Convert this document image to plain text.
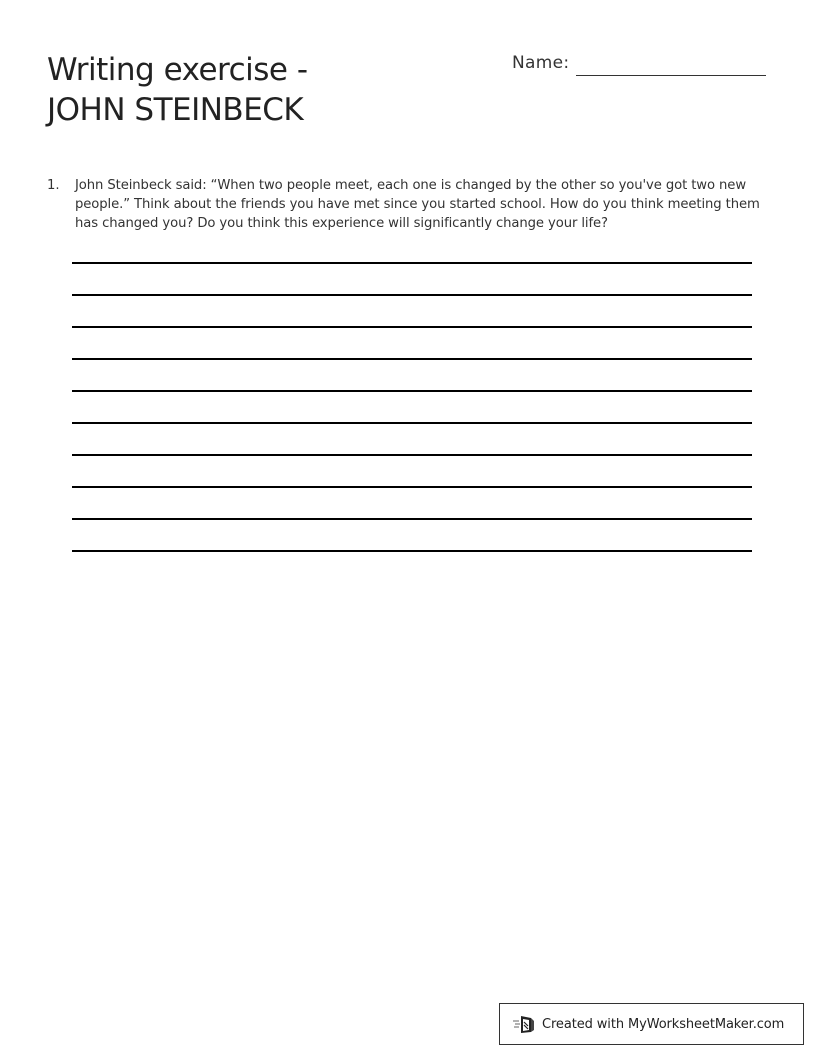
Writing exercise -
JOHN STEINBECK
Name:
1.	John Steinbeck said: “When two people meet, each one is changed by the other so you've got two new people.” Think about the friends you have met since you started school. How do you think meeting them has changed you? Do you think this experience will significantly change your life?
Created with MyWorksheetMaker.com
